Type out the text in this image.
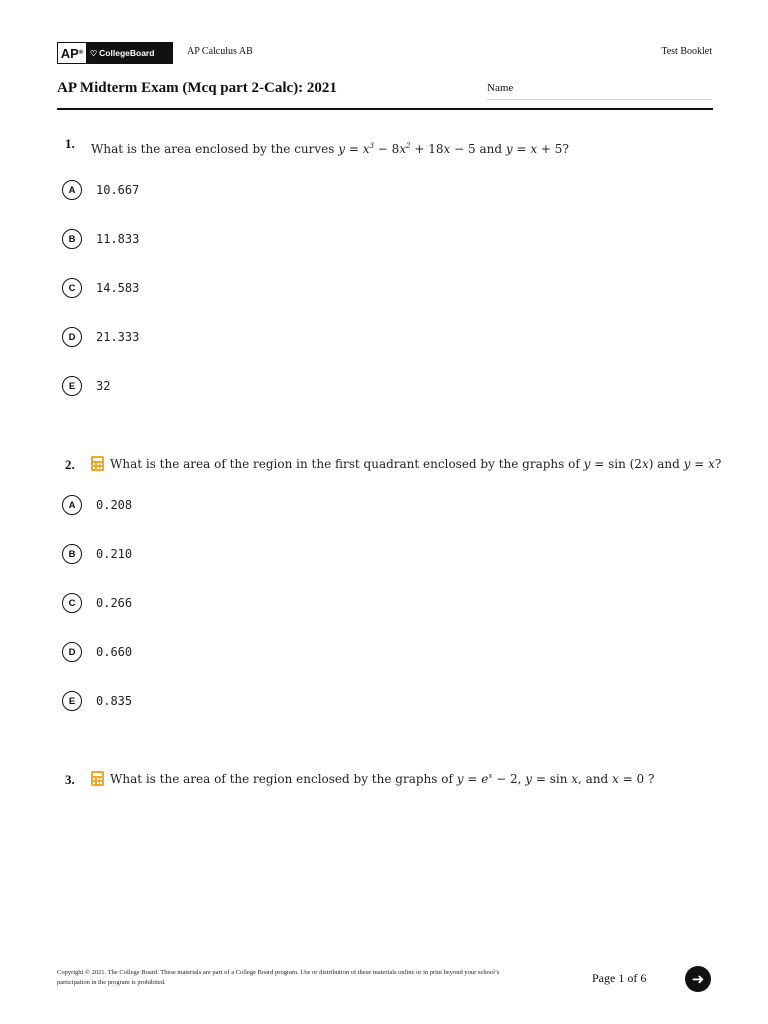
AP ® ♡ CollegeBoard	AP Calculus AB	Test Booklet
AP Midterm Exam (Mcq part 2-Calc): 2021	Name
1. What is the area enclosed by the curves
$y = x^3 - 8x^2 + 18x - 5$
and
y = x + 5 ?
A	10.667
B	11.833
C	14.583
D	21.333
E	32
2.	What is the area of the region in the first quadrant enclosed by the graphs of
y = sin (2x)
and
y = x ?
A	0.208
B	0.210
C	0.266
D	0.660
E	0.835
3.	What is the area of the region enclosed by the graphs of
$y = e^x - 2$ , y = sin x , and
x = 0
?
Copyright © 2021. The College Board. These materials are part of a College Board program. Use or distribution of these materials online or in print beyond your school’s participation in the program is prohibited.	Page 1 of 6	➜
